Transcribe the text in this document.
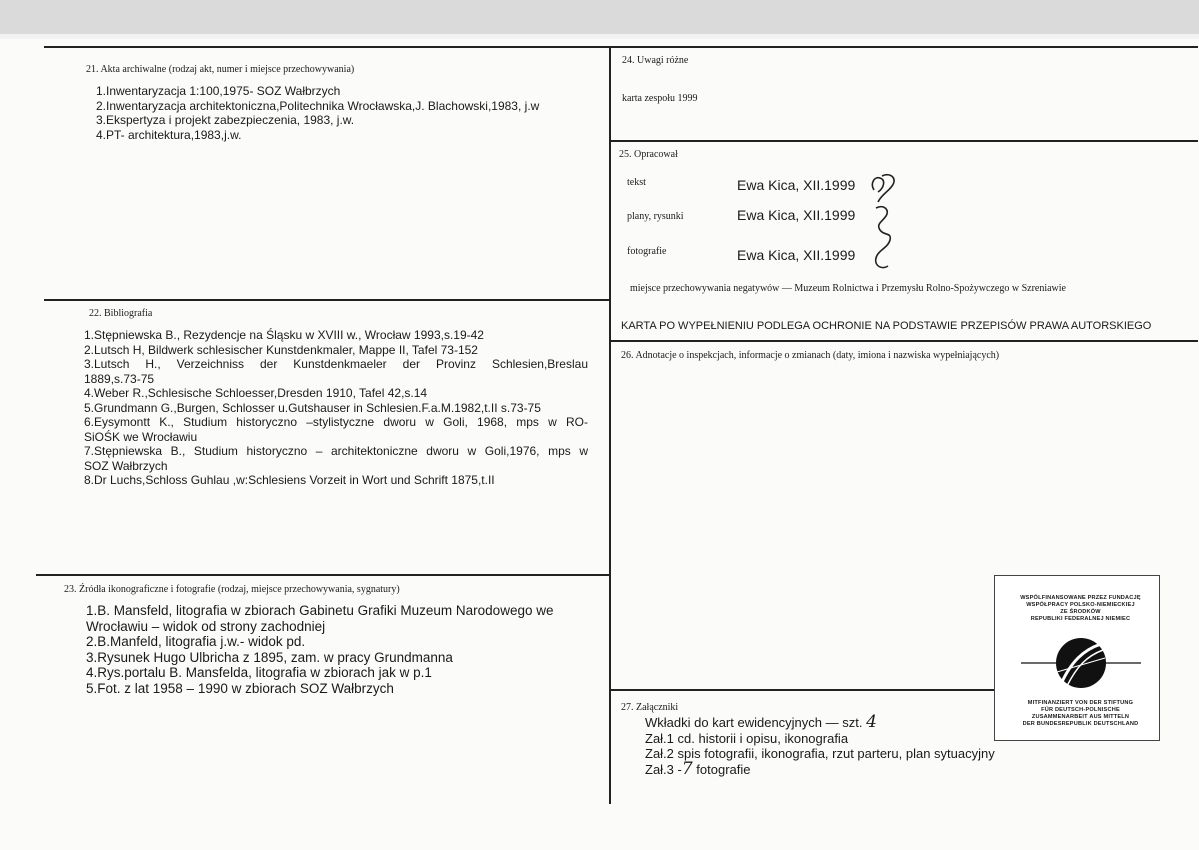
21. Akta archiwalne (rodzaj akt, numer i miejsce przechowywania)
1.Inwentaryzacja 1:100,1975- SOZ Wałbrzych
2.Inwentaryzacja architektoniczna,Politechnika Wrocławska,J. Blachowski,1983, j.w
3.Ekspertyza i projekt zabezpieczenia, 1983, j.w.
4.PT- architektura,1983,j.w.
22. Bibliografia
1.Stępniewska B., Rezydencje na Śląsku w XVIII w., Wrocław 1993,s.19-42
2.Lutsch H, Bildwerk schlesischer Kunstdenkmaler, Mappe II, Tafel 73-152
3.Lutsch H., Verzeichniss der Kunstdenkmaeler der Provinz Schlesien,Breslau
1889,s.73-75
4.Weber R.,Schlesische Schloesser,Dresden 1910, Tafel 42,s.14
5.Grundmann G.,Burgen, Schlosser u.Gutshauser in Schlesien.F.a.M.1982,t.II s.73-75
6.Eysymontt K., Studium historyczno –stylistyczne dworu w Goli, 1968, mps w RO-
SiOŚK we Wrocławiu
7.Stępniewska B., Studium historyczno – architektoniczne dworu w Goli,1976, mps w
SOZ Wałbrzych
8.Dr Luchs,Schloss Guhlau ,w:Schlesiens Vorzeit in Wort und Schrift 1875,t.II
23. Źródła ikonograficzne i fotografie (rodzaj, miejsce przechowywania, sygnatury)
1.B. Mansfeld, litografia w zbiorach Gabinetu Grafiki Muzeum Narodowego we
Wrocławiu – widok od strony zachodniej
2.B.Manfeld, litografia j.w.- widok pd.
3.Rysunek Hugo Ulbricha z 1895, zam. w pracy Grundmanna
4.Rys.portalu B. Mansfelda, litografia w zbiorach jak w p.1
5.Fot. z lat 1958 – 1990 w zbiorach SOZ Wałbrzych
24. Uwagi różne
karta zespołu 1999
25. Opracował
tekst	Ewa Kica, XII.1999
plany, rysunki	Ewa Kica, XII.1999
fotografie	Ewa Kica, XII.1999
miejsce przechowywania negatywów — Muzeum Rolnictwa i Przemysłu Rolno-Spożywczego w Szreniawie
KARTA PO WYPEŁNIENIU PODLEGA OCHRONIE NA PODSTAWIE PRZEPISÓW PRAWA AUTORSKIEGO
26. Adnotacje o inspekcjach, informacje o zmianach (daty, imiona i nazwiska wypełniających)
27. Załączniki
Wkładki do kart ewidencyjnych — szt. 4
Zał.1 cd. historii i opisu, ikonografia
Zał.2 spis fotografii, ikonografia, rzut parteru, plan sytuacyjny
Zał.3 -7 fotografie
WSPÓLFINANSOWANE PRZEZ FUNDACJĘ
WSPÓŁPRACY POLSKO-NIEMIECKIEJ
ZE ŚRODKÓW
REPUBLIKI FEDERALNEJ NIEMIEC
MITFINANZIERT VON DER STIFTUNG
FÜR DEUTSCH-POLNISCHE
ZUSAMMENARBEIT AUS MITTELN
DER BUNDESREPUBLIK DEUTSCHLAND
